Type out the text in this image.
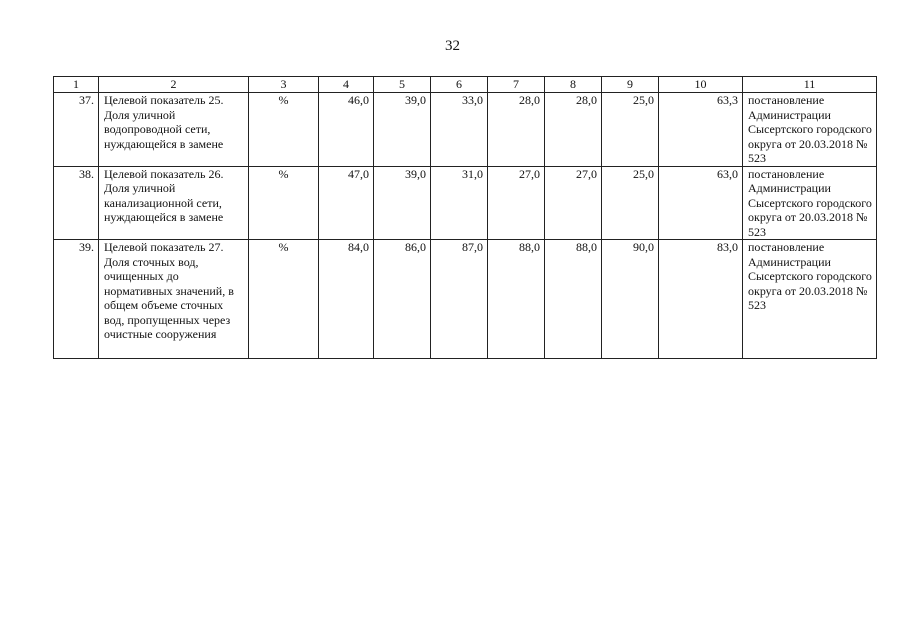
32
1	2	3	4	5	6	7	8	9	10	11
37.	Целевой показатель 25. Доля уличной водопроводной сети, нуждающейся в замене	%	46,0	39,0	33,0	28,0	28,0	25,0	63,3	постановление Администрации Сысертского городского округа от 20.03.2018 № 523
38.	Целевой показатель 26. Доля уличной канализационной сети, нуждающейся в замене	%	47,0	39,0	31,0	27,0	27,0	25,0	63,0	постановление Администрации Сысертского городского округа от 20.03.2018 № 523
39.	Целевой показатель 27. Доля сточных вод, очищенных до нормативных значений, в общем объеме сточных вод, пропущенных через очистные сооружения	%	84,0	86,0	87,0	88,0	88,0	90,0	83,0	постановление Администрации Сысертского городского округа от 20.03.2018 № 523
